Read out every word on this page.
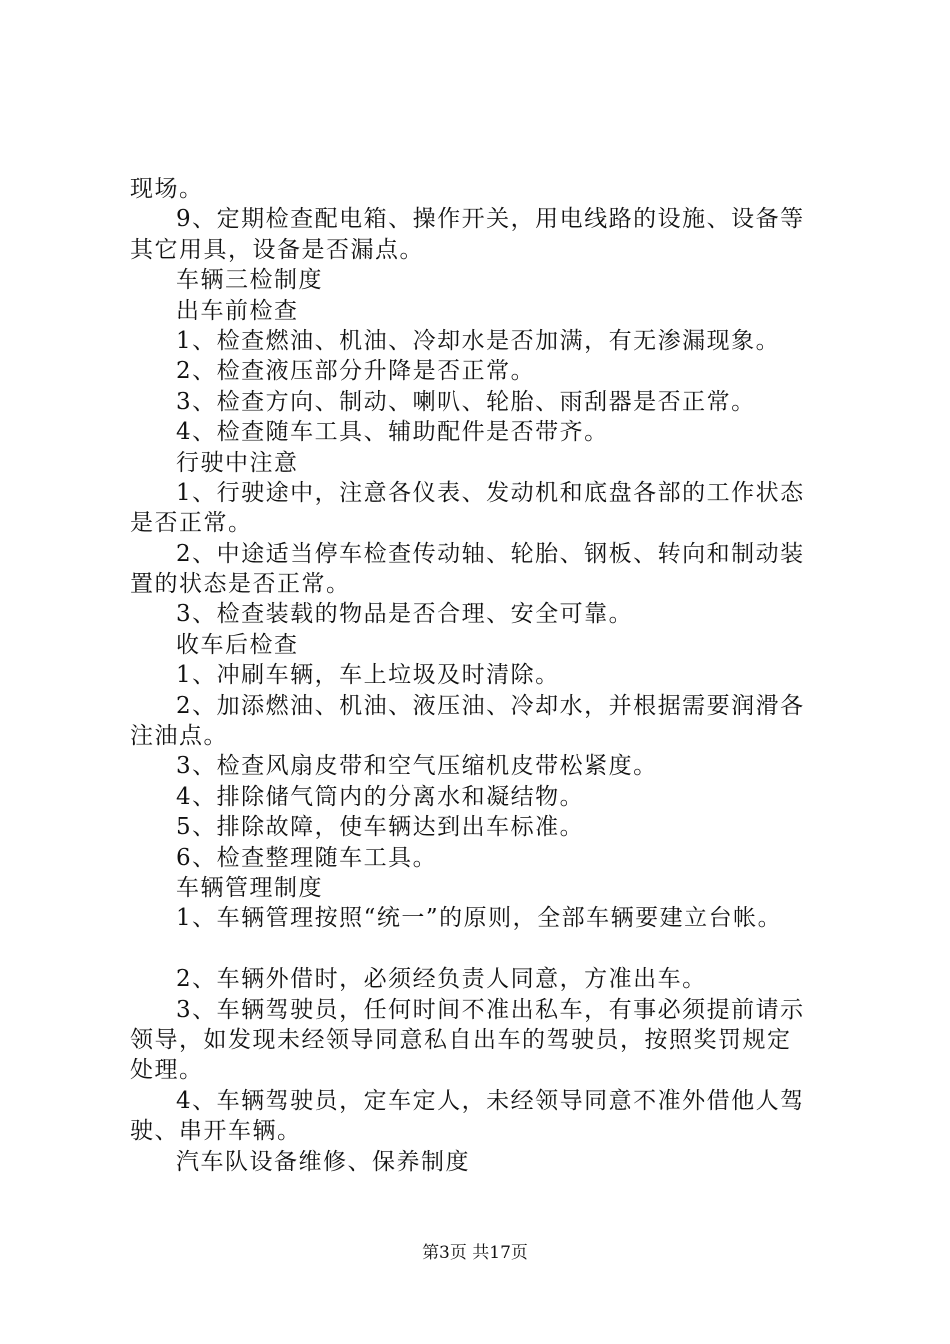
现场。
9、定期检查配电箱、操作开关，用电线路的设施、设备等
其它用具，设备是否漏点。
车辆三检制度
出车前检查
1、检查燃油、机油、冷却水是否加满，有无渗漏现象。
2、检查液压部分升降是否正常。
3、检查方向、制动、喇叭、轮胎、雨刮器是否正常。
4、检查随车工具、辅助配件是否带齐。
行驶中注意
1、行驶途中，注意各仪表、发动机和底盘各部的工作状态
是否正常。
2、中途适当停车检查传动轴、轮胎、钢板、转向和制动装
置的状态是否正常。
3、检查装载的物品是否合理、安全可靠。
收车后检查
1、冲刷车辆，车上垃圾及时清除。
2、加添燃油、机油、液压油、冷却水，并根据需要润滑各
注油点。
3、检查风扇皮带和空气压缩机皮带松紧度。
4、排除储气筒内的分离水和凝结物。
5、排除故障，使车辆达到出车标准。
6、检查整理随车工具。
车辆管理制度
1、车辆管理按照“统一”的原则，全部车辆要建立台帐。
2、车辆外借时，必须经负责人同意，方准出车。
3、车辆驾驶员，任何时间不准出私车，有事必须提前请示
领导，如发现未经领导同意私自出车的驾驶员，按照奖罚规定
处理。
4、车辆驾驶员，定车定人，未经领导同意不准外借他人驾
驶、串开车辆。
汽车队设备维修、保养制度
第3页 共17页
